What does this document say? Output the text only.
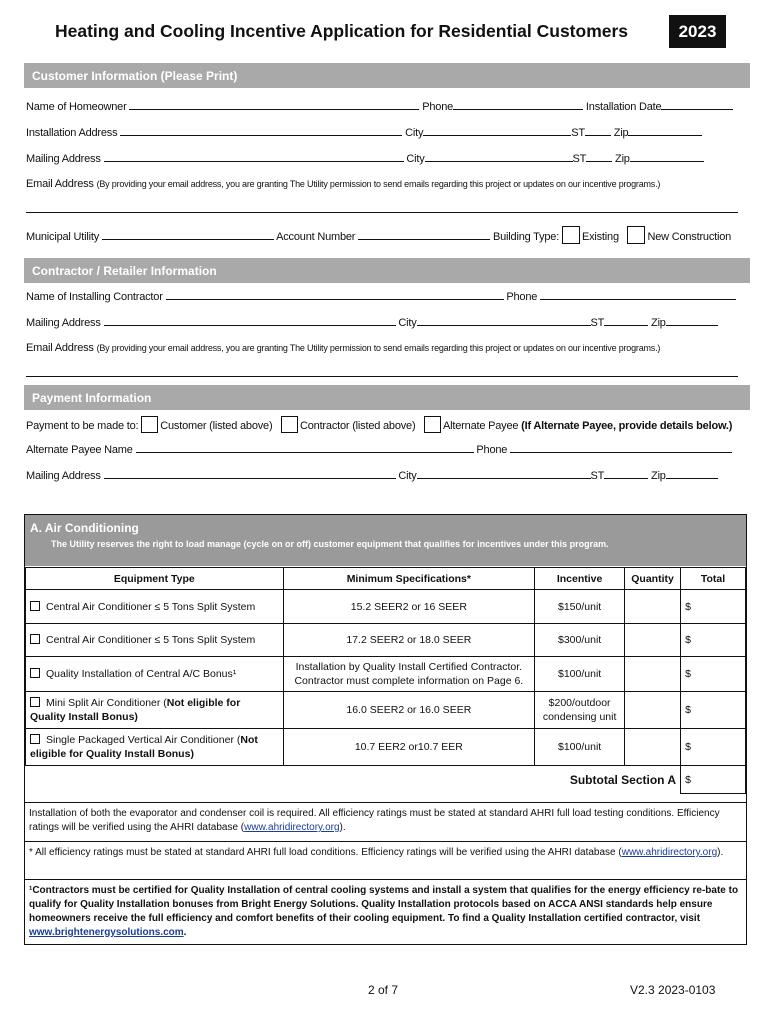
Heating and Cooling Incentive Application for Residential Customers	2023
Customer Information (Please Print)
Name of Homeowner	Phone	Installation Date
Installation Address	City	ST	Zip
Mailing Address	City	ST	Zip
Email Address (By providing your email address, you are granting The Utility permission to send emails regarding this project or updates on our incentive programs.)
Municipal Utility	Account Number	Building Type: Existing	New Construction
Contractor / Retailer Information
Name of Installing Contractor	Phone
Mailing Address	City	ST	Zip
Email Address (By providing your email address, you are granting The Utility permission to send emails regarding this project or updates on our incentive programs.)
Payment Information
Payment to be made to: Customer (listed above)	Contractor (listed above)	Alternate Payee (If Alternate Payee, provide details below.)
Alternate Payee Name	Phone
Mailing Address	City	ST	Zip
A. Air Conditioning
The Utility reserves the right to load manage (cycle on or off) customer equipment that qualifies for incentives under this program.
Equipment Type	Minimum Specifications*	Incentive	Quantity	Total
Central Air Conditioner ≤ 5 Tons Split System	15.2 SEER2 or 16 SEER	$150/unit		$
Central Air Conditioner ≤ 5 Tons Split System	17.2 SEER2 or 18.0 SEER	$300/unit		$
Quality Installation of Central A/C Bonus¹	Installation by Quality Install Certified Contractor. Contractor must complete information on Page 6.	$100/unit		$
Mini Split Air Conditioner (Not eligible for Quality Install Bonus)	16.0 SEER2 or 16.0 SEER	$200/outdoor condensing unit		$
Single Packaged Vertical Air Conditioner (Not eligible for Quality Install Bonus)	10.7 EER2 or10.7 EER	$100/unit		$
Subtotal Section A				$
Installation of both the evaporator and condenser coil is required. All efficiency ratings must be stated at standard AHRI full load testing conditions. Efficiency ratings will be verified using the AHRI database (www.ahridirectory.org).
* All efficiency ratings must be stated at standard AHRI full load conditions. Efficiency ratings will be verified using the AHRI database (www.ahridirectory.org).
¹Contractors must be certified for Quality Installation of central cooling systems and install a system that qualifies for the energy efficiency re-bate to qualify for Quality Installation bonuses from Bright Energy Solutions. Quality Installation protocols based on ACCA ANSI standards help ensure homeowners receive the full efficiency and comfort benefits of their cooling equipment. To find a Quality Installation certified contractor, visit www.brightenergysolutions.com.
2 of 7	V2.3 2023-0103
